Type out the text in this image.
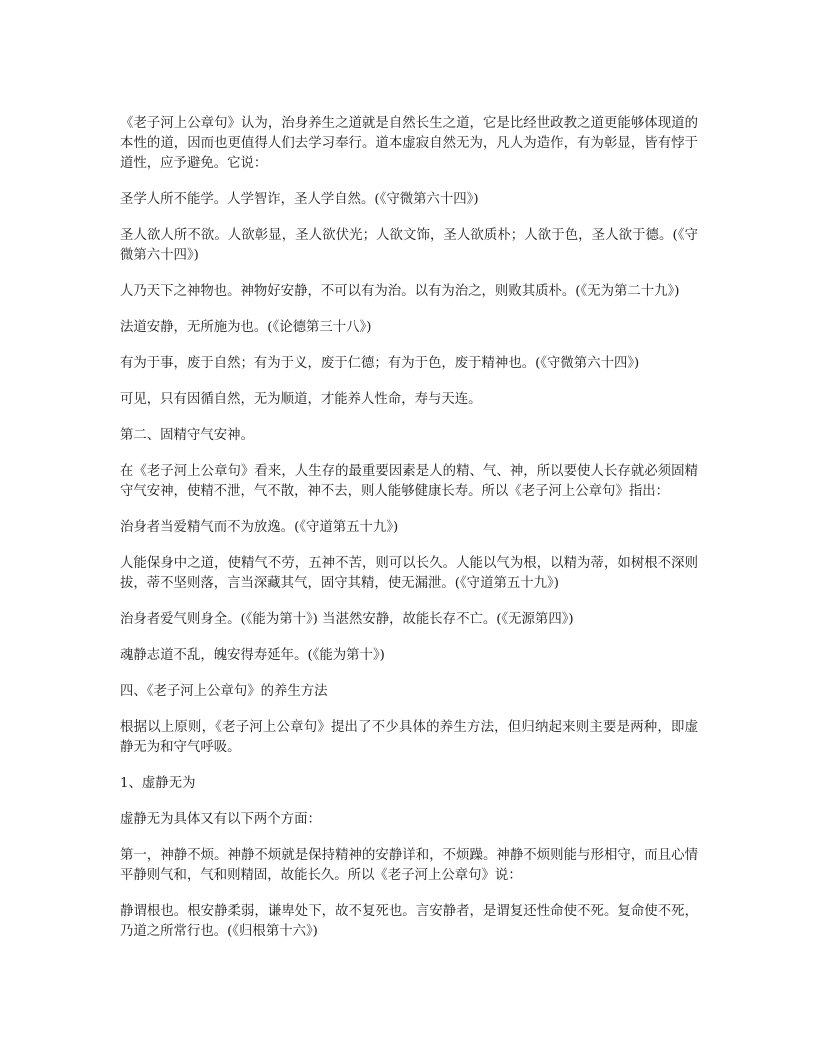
《老子河上公章句》认为，治身养生之道就是自然长生之道，它是比经世政教之道更能够体现道的本性的道，因而也更值得人们去学习奉行。道本虚寂自然无为，凡人为造作，有为彰显，皆有悖于道性，应予避免。它说：

圣学人所不能学。人学智诈，圣人学自然。(《守微第六十四》)

圣人欲人所不欲。人欲彰显，圣人欲伏光；人欲文饰，圣人欲质朴；人欲于色，圣人欲于德。(《守微第六十四》)

人乃天下之神物也。神物好安静，不可以有为治。以有为治之，则败其质朴。(《无为第二十九》)

法道安静，无所施为也。(《论德第三十八》)

有为于事，废于自然；有为于义，废于仁德；有为于色，废于精神也。(《守微第六十四》)

可见，只有因循自然，无为顺道，才能养人性命，寿与天连。

第二、固精守气安神。

在《老子河上公章句》看来，人生存的最重要因素是人的精、气、神，所以要使人长存就必须固精守气安神，使精不泄，气不散，神不去，则人能够健康长寿。所以《老子河上公章句》指出：

治身者当爱精气而不为放逸。(《守道第五十九》)

人能保身中之道，使精气不劳，五神不苦，则可以长久。人能以气为根，以精为蒂，如树根不深则拔，蒂不坚则落，言当深藏其气，固守其精，使无漏泄。(《守道第五十九》)

治身者爱气则身全。(《能为第十》) 当湛然安静，故能长存不亡。(《无源第四》)

魂静志道不乱，魄安得寿延年。(《能为第十》)

四、《老子河上公章句》的养生方法

根据以上原则，《老子河上公章句》提出了不少具体的养生方法，但归纳起来则主要是两种，即虚静无为和守气呼吸。

1、虚静无为

虚静无为具体又有以下两个方面：

第一，神静不烦。神静不烦就是保持精神的安静详和，不烦躁。神静不烦则能与形相守，而且心情平静则气和，气和则精固，故能长久。所以《老子河上公章句》说：

静谓根也。根安静柔弱，谦卑处下，故不复死也。言安静者，是谓复还性命使不死。复命使不死，乃道之所常行也。(《归根第十六》)
